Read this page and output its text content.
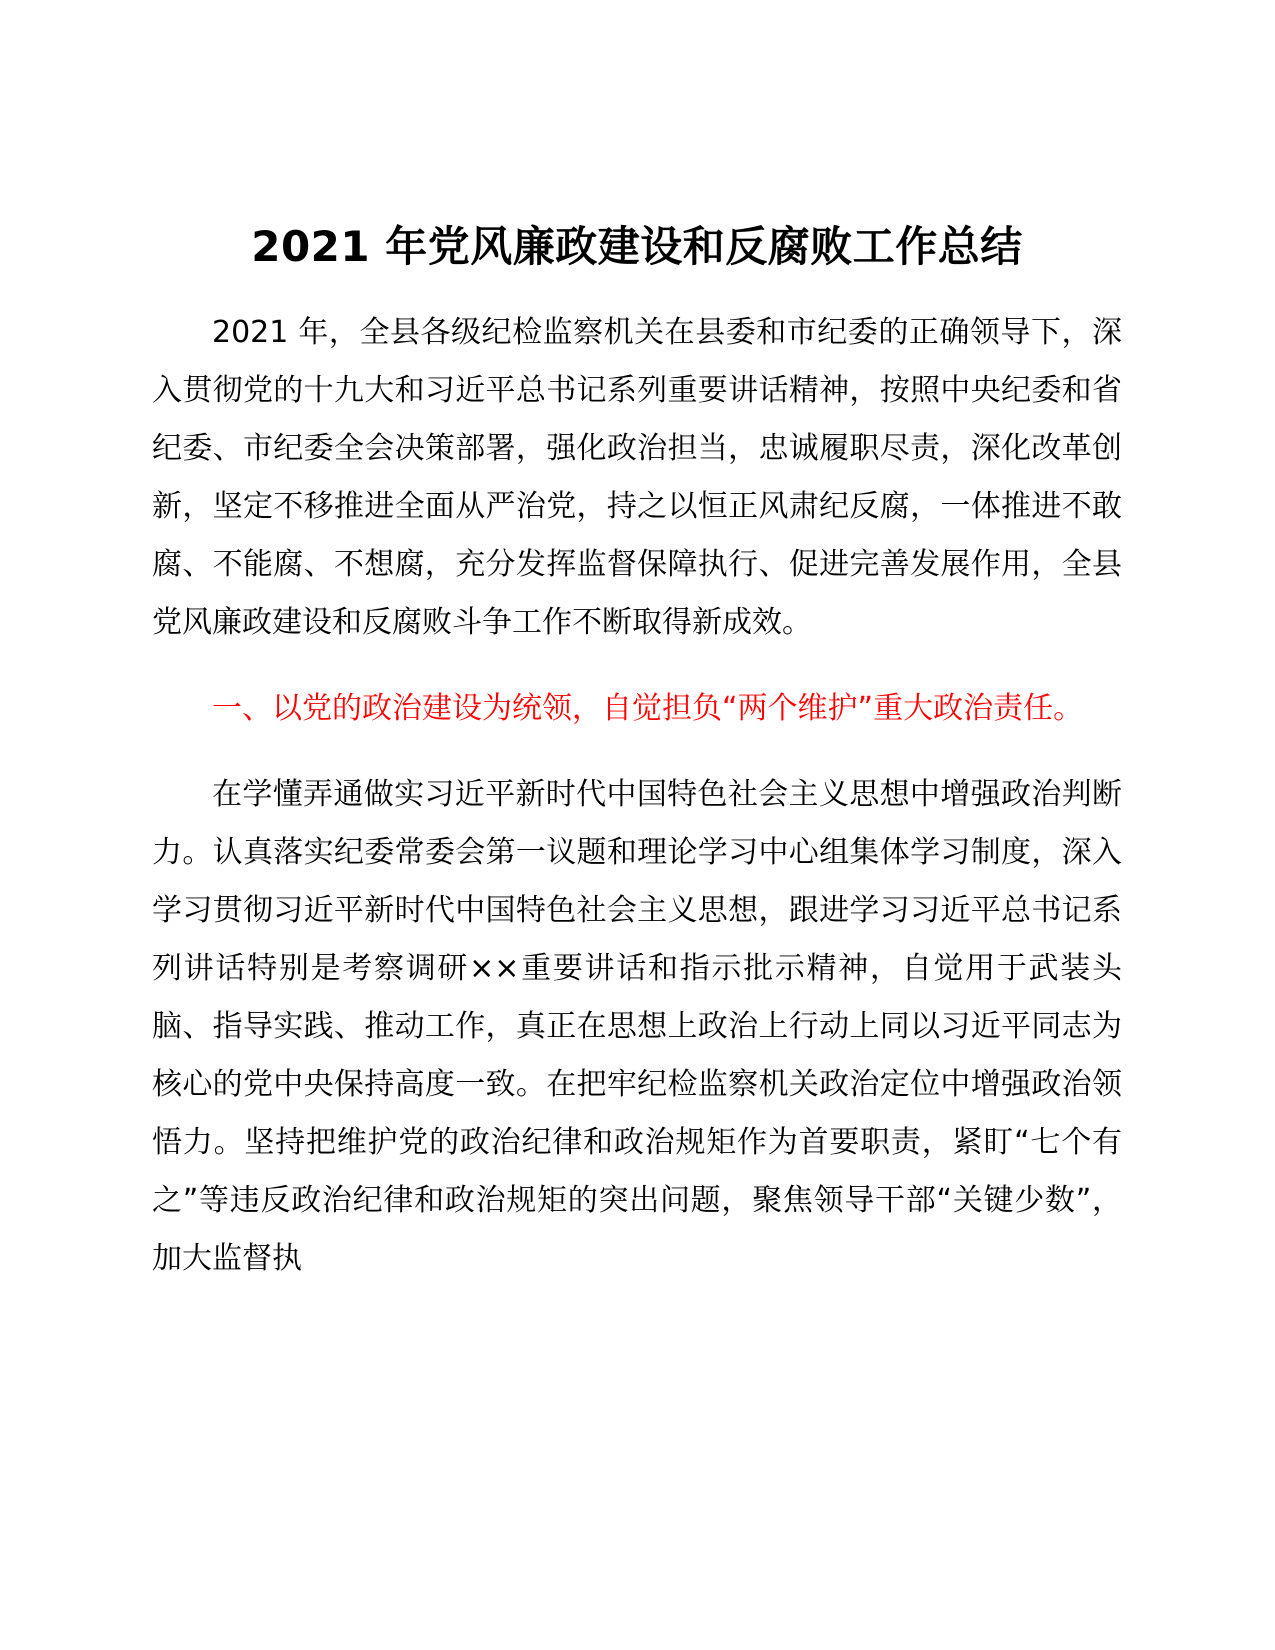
2021 年党风廉政建设和反腐败工作总结

2021 年，全县各级纪检监察机关在县委和市纪委的正确领导下，深入贯彻党的十九大和习近平总书记系列重要讲话精神，按照中央纪委和省纪委、市纪委全会决策部署，强化政治担当，忠诚履职尽责，深化改革创新，坚定不移推进全面从严治党，持之以恒正风肃纪反腐，一体推进不敢腐、不能腐、不想腐，充分发挥监督保障执行、促进完善发展作用，全县党风廉政建设和反腐败斗争工作不断取得新成效。

一、以党的政治建设为统领，自觉担负“两个维护”重大政治责任。

在学懂弄通做实习近平新时代中国特色社会主义思想中增强政治判断力。认真落实纪委常委会第一议题和理论学习中心组集体学习制度，深入学习贯彻习近平新时代中国特色社会主义思想，跟进学习习近平总书记系列讲话特别是考察调研××重要讲话和指示批示精神，自觉用于武装头脑、指导实践、推动工作，真正在思想上政治上行动上同以习近平同志为核心的党中央保持高度一致。在把牢纪检监察机关政治定位中增强政治领悟力。坚持把维护党的政治纪律和政治规矩作为首要职责，紧盯“七个有之”等违反政治纪律和政治规矩的突出问题，聚焦领导干部“关键少数”，加大监督执
